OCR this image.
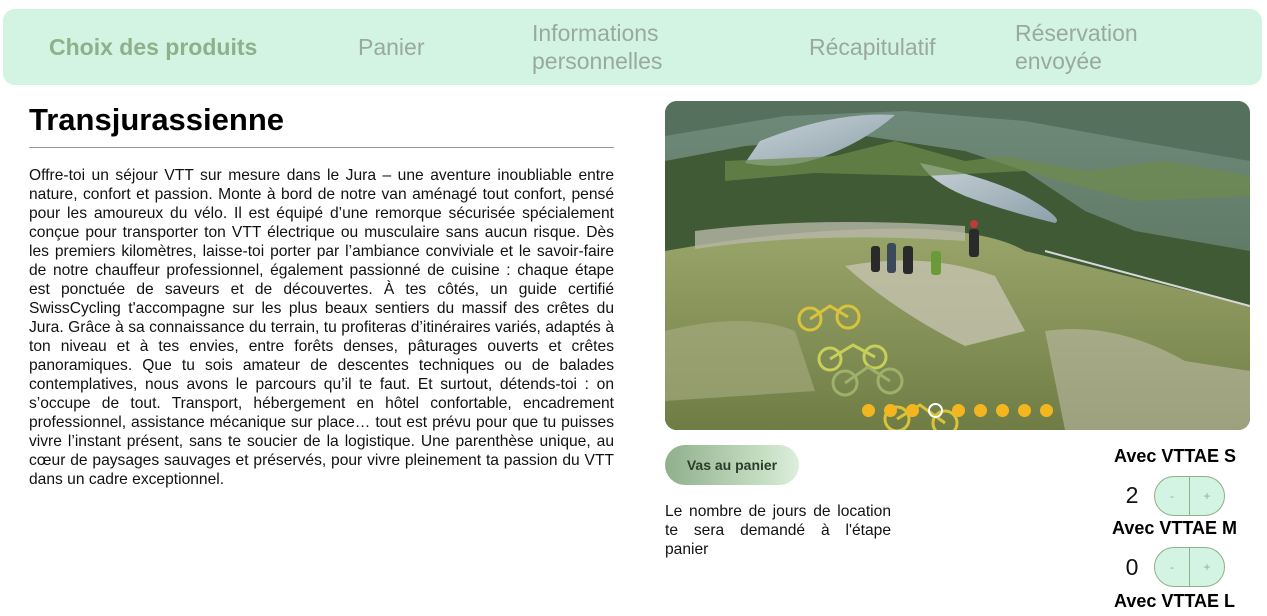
Choix des produits	Panier
Informations personnelles
Récapitulatif
Réservation envoyée
Transjurassienne

Offre-toi un séjour VTT sur mesure dans le Jura – une aventure inoubliable entre nature, confort et passion. Monte à bord de notre van aménagé tout confort, pensé pour les amoureux du vélo. Il est équipé d’une remorque sécurisée spécialement conçue pour transporter ton VTT électrique ou musculaire sans aucun risque. Dès les premiers kilomètres, laisse-toi porter par l’ambiance conviviale et le savoir-faire de notre chauffeur professionnel, également passionné de cuisine : chaque étape est ponctuée de saveurs et de découvertes. À tes côtés, un guide certifié SwissCycling t'accompagne sur les plus beaux sentiers du massif des crêtes du Jura. Grâce à sa connaissance du terrain, tu profiteras d’itinéraires variés, adaptés à ton niveau et à tes envies, entre forêts denses, pâturages ouverts et crêtes panoramiques. Que tu sois amateur de descentes techniques ou de balades contemplatives, nous avons le parcours qu’il te faut. Et surtout, détends-toi : on s’occupe de tout. Transport, hébergement en hôtel confortable, encadrement professionnel, assistance mécanique sur place… tout est prévu pour que tu puisses vivre l’instant présent, sans te soucier de la logistique. Une parenthèse unique, au cœur de paysages sauvages et préservés, pour vivre pleinement ta passion du VTT dans un cadre exceptionnel.

Vas au panier

Le nombre de jours de location te sera demandé à l'étape panier

Avec VTTAE S
2	-	+
Avec VTTAE M
0	-	+
Avec VTTAE L
